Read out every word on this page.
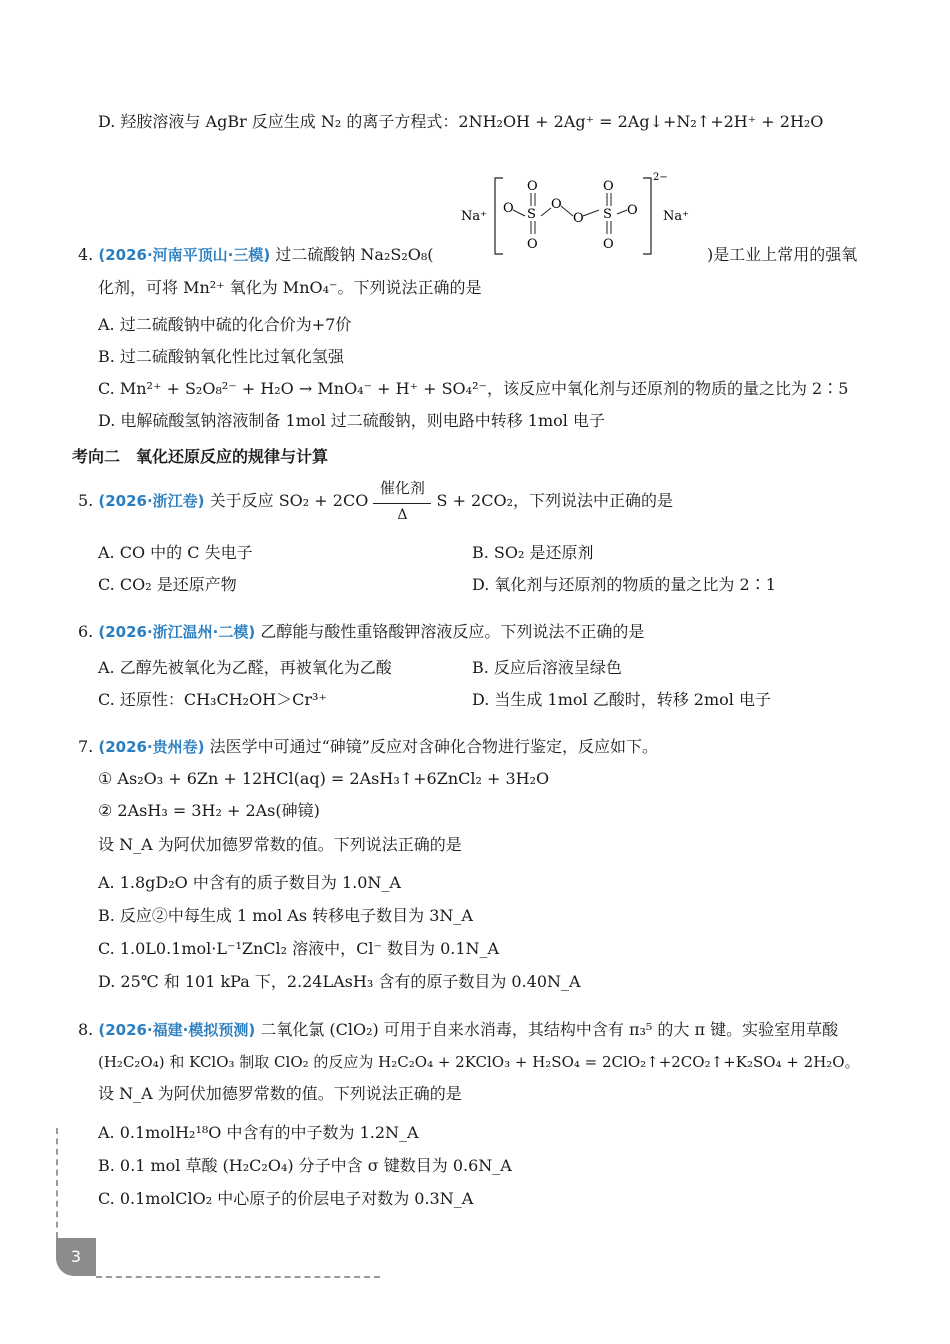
D. 羟胺溶液与 AgBr 反应生成 N₂ 的离子方程式：2NH₂OH + 2Ag⁺ = 2Ag↓+N₂↑+2H⁺ + 2H₂O
Na⁺
2−
Na⁺
O
S
O
O	O
O
O
S
O
O
4. (2026·河南平顶山·三模) 过二硫酸钠 Na₂S₂O₈(	)是工业上常用的强氧
化剂，可将 Mn²⁺ 氧化为 MnO₄⁻。下列说法正确的是
A. 过二硫酸钠中硫的化合价为+7价
B. 过二硫酸钠氧化性比过氧化氢强
C. Mn²⁺ + S₂O₈²⁻ + H₂O → MnO₄⁻ + H⁺ + SO₄²⁻，该反应中氧化剂与还原剂的物质的量之比为 2∶5
D. 电解硫酸氢钠溶液制备 1mol 过二硫酸钠，则电路中转移 1mol 电子
考向二　氧化还原反应的规律与计算
5. (2026·浙江卷) 关于反应 $SO_2 + 2CO \frac{\text{催化剂}}{\Delta}$ S + 2CO₂，下列说法中正确的是
A. CO 中的 C 失电子	B. SO₂ 是还原剂
C. CO₂ 是还原产物	D. 氧化剂与还原剂的物质的量之比为 2∶1
6. (2026·浙江温州·二模) 乙醇能与酸性重铬酸钾溶液反应。下列说法不正确的是
A. 乙醇先被氧化为乙醛，再被氧化为乙酸	B. 反应后溶液呈绿色
C. 还原性：CH₃CH₂OH＞Cr³⁺	D. 当生成 1mol 乙酸时，转移 2mol 电子
7. (2026·贵州卷) 法医学中可通过“砷镜”反应对含砷化合物进行鉴定，反应如下。
① As₂O₃ + 6Zn + 12HCl(aq) = 2AsH₃↑+6ZnCl₂ + 3H₂O
② 2AsH₃ = 3H₂ + 2As(砷镜)
设 N_A 为阿伏加德罗常数的值。下列说法正确的是
A. 1.8gD₂O 中含有的质子数目为 1.0N_A
B. 反应②中每生成 1 mol As 转移电子数目为 3N_A
C. 1.0L0.1mol·L⁻¹ZnCl₂ 溶液中，Cl⁻ 数目为 0.1N_A
D. 25℃ 和 101 kPa 下，2.24LAsH₃ 含有的原子数目为 0.40N_A
8. (2026·福建·模拟预测) 二氧化氯 (ClO₂) 可用于自来水消毒，其结构中含有 π₃⁵ 的大 π 键。实验室用草酸
(H₂C₂O₄) 和 KClO₃ 制取 ClO₂ 的反应为 H₂C₂O₄ + 2KClO₃ + H₂SO₄ = 2ClO₂↑+2CO₂↑+K₂SO₄ + 2H₂O。
设 N_A 为阿伏加德罗常数的值。下列说法正确的是
A. 0.1molH₂¹⁸O 中含有的中子数为 1.2N_A
B. 0.1 mol 草酸 (H₂C₂O₄) 分子中含 σ 键数目为 0.6N_A
C. 0.1molClO₂ 中心原子的价层电子对数为 0.3N_A
3
